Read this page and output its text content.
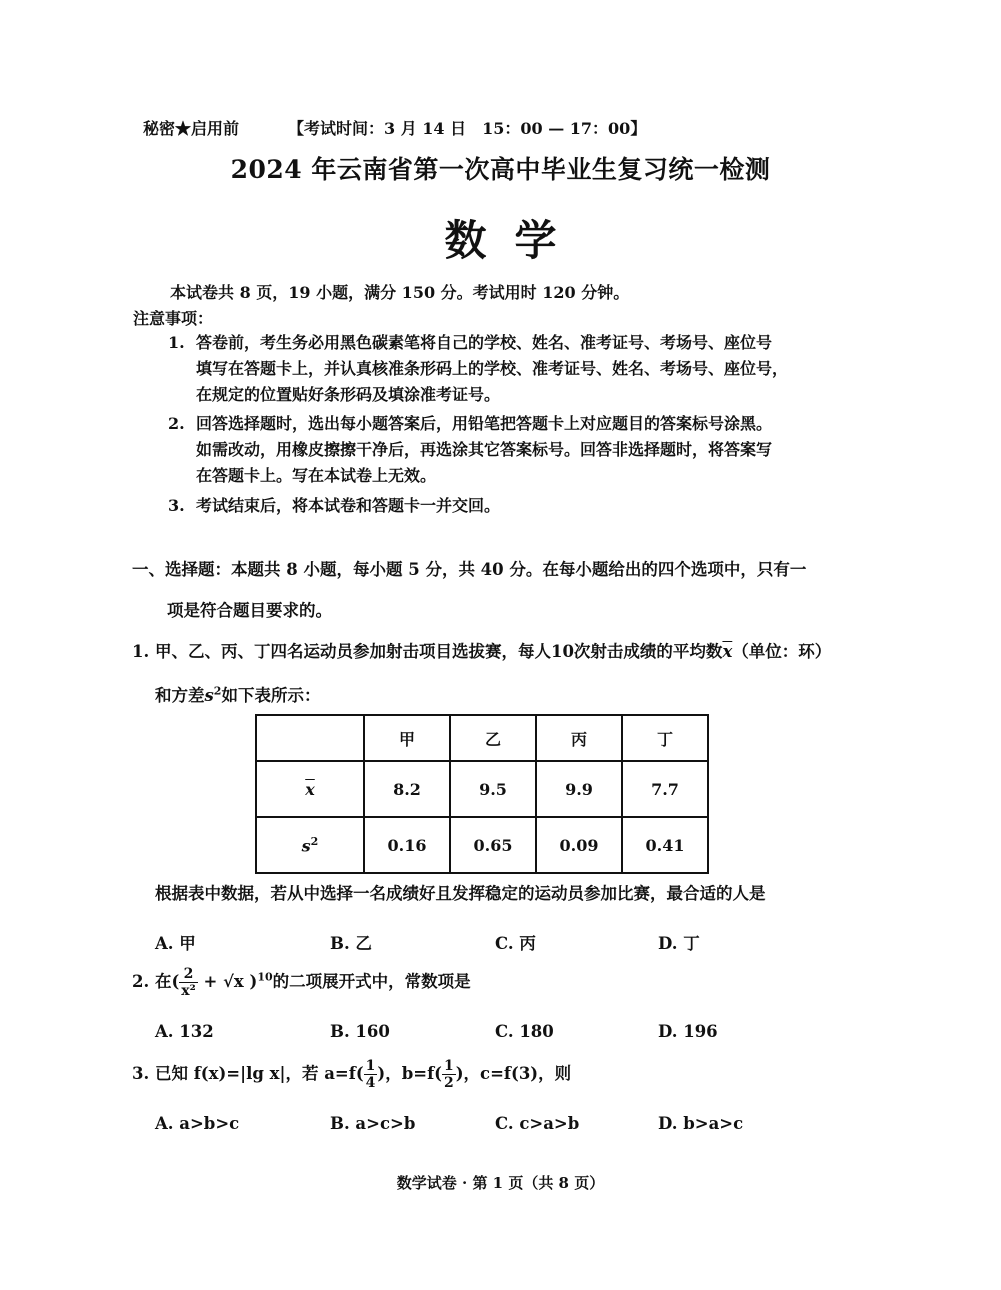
秘密★启用前	【考试时间：3 月 14 日　15：00 — 17：00】
2024 年云南省第一次高中毕业生复习统一检测
数学
本试卷共 8 页，19 小题，满分 150 分。考试用时 120 分钟。
注意事项：
1. 答卷前，考生务必用黑色碳素笔将自己的学校、姓名、准考证号、考场号、座位号
填写在答题卡上，并认真核准条形码上的学校、准考证号、姓名、考场号、座位号，
在规定的位置贴好条形码及填涂准考证号。
2. 回答选择题时，选出每小题答案后，用铅笔把答题卡上对应题目的答案标号涂黑。
如需改动，用橡皮擦擦干净后，再选涂其它答案标号。回答非选择题时，将答案写
在答题卡上。写在本试卷上无效。
3. 考试结束后，将本试卷和答题卡一并交回。
一、选择题：本题共 8 小题，每小题 5 分，共 40 分。在每小题给出的四个选项中，只有一
项是符合题目要求的。
1. 甲、乙、丙、丁四名运动员参加射击项目选拔赛，每人10次射击成绩的平均数$\overline{x}$（单位：环）
和方差$s^2$如下表所示：
	甲	乙	丙	丁
$\overline{x}$	8.2	9.5	9.9	7.7
$s^2$	0.16	0.65	0.09	0.41
根据表中数据，若从中选择一名成绩好且发挥稳定的运动员参加比赛，最合适的人是
A. 甲	B. 乙	C. 丙	D. 丁
2. 在( $\frac{2}{\text{x²}} + √x$ )$^{10}$的二项展开式中，常数项是
A. 132	B. 160	C. 180	D. 196
3. 已知 f(x)=|lg x|，若 $a=f( \frac{1}{4}$ )，$b=f( \frac{1}{2}$ )，c=f(3)，则
A. a>b>c	B. a>c>b	C. c>a>b	D. b>a>c
数学试卷 · 第 1 页（共 8 页）
